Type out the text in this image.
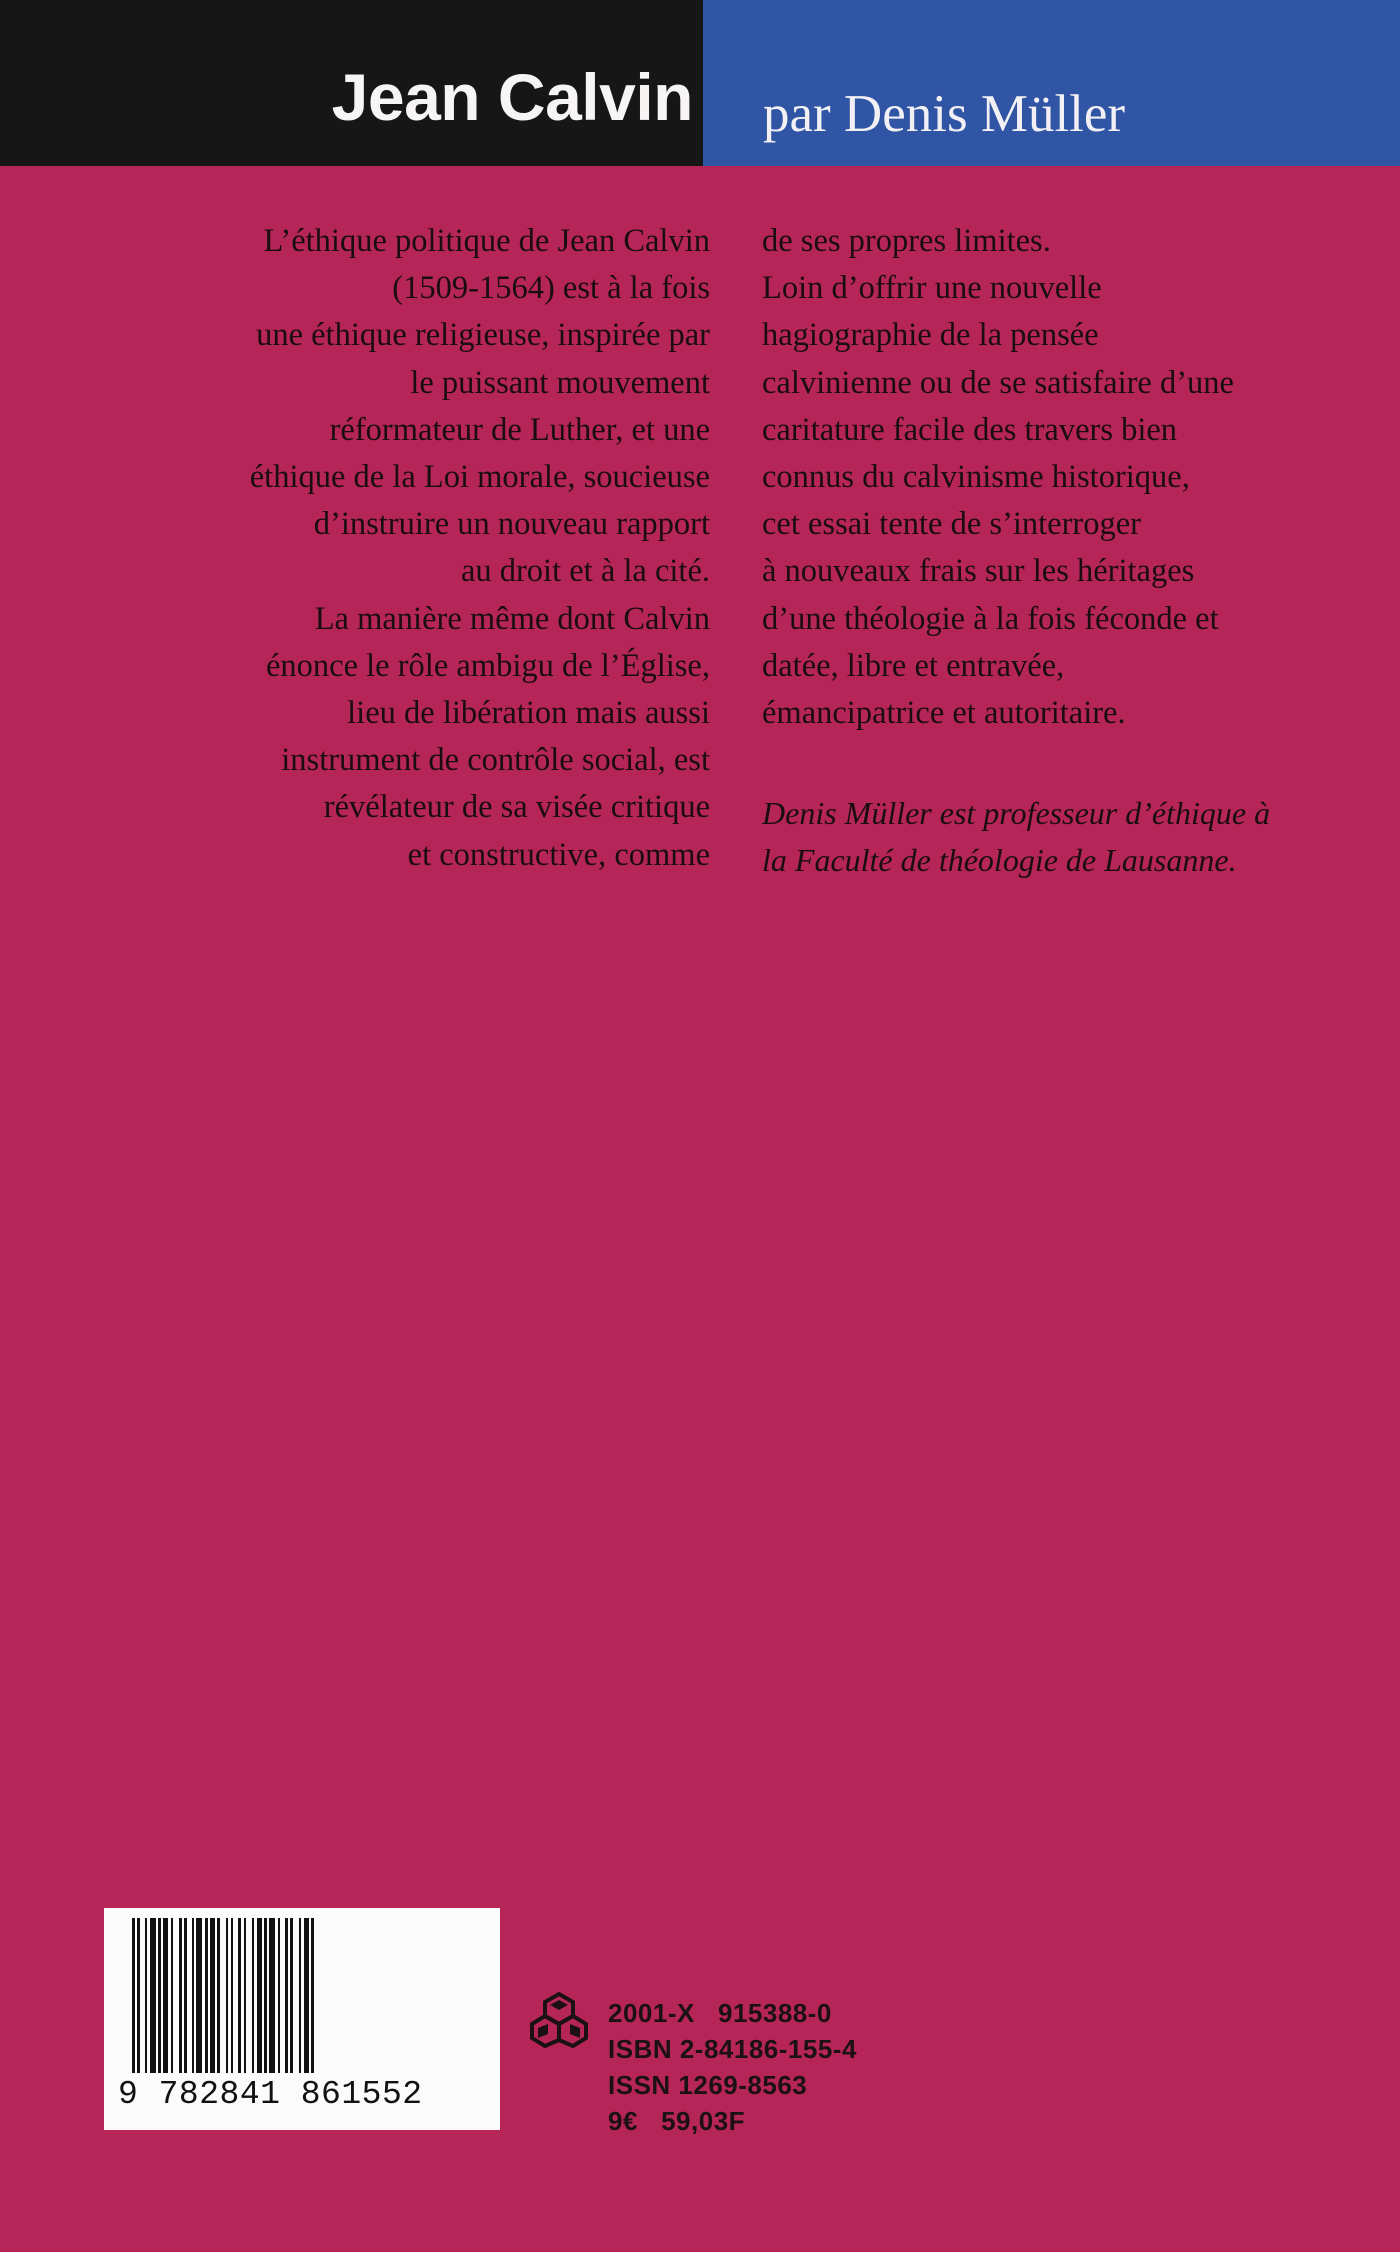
Jean Calvin par Denis Müller
L’éthique politique de Jean Calvin
(1509-1564) est à la fois
une éthique religieuse, inspirée par
le puissant mouvement
réformateur de Luther, et une
éthique de la Loi morale, soucieuse
d’instruire un nouveau rapport
au droit et à la cité.
La manière même dont Calvin
énonce le rôle ambigu de l’Église,
lieu de libération mais aussi
instrument de contrôle social, est
révélateur de sa visée critique
et constructive, comme
de ses propres limites.
Loin d’offrir une nouvelle
hagiographie de la pensée
calvinienne ou de se satisfaire d’une
caritature facile des travers bien
connus du calvinisme historique,
cet essai tente de s’interroger
à nouveaux frais sur les héritages
d’une théologie à la fois féconde et
datée, libre et entravée,
émancipatrice et autoritaire.
Denis Müller est professeur d’éthique à
la Faculté de théologie de Lausanne.
9 782841 861552
2001-X   915388-0
ISBN 2-84186-155-4
ISSN 1269-8563
9€   59,03F
